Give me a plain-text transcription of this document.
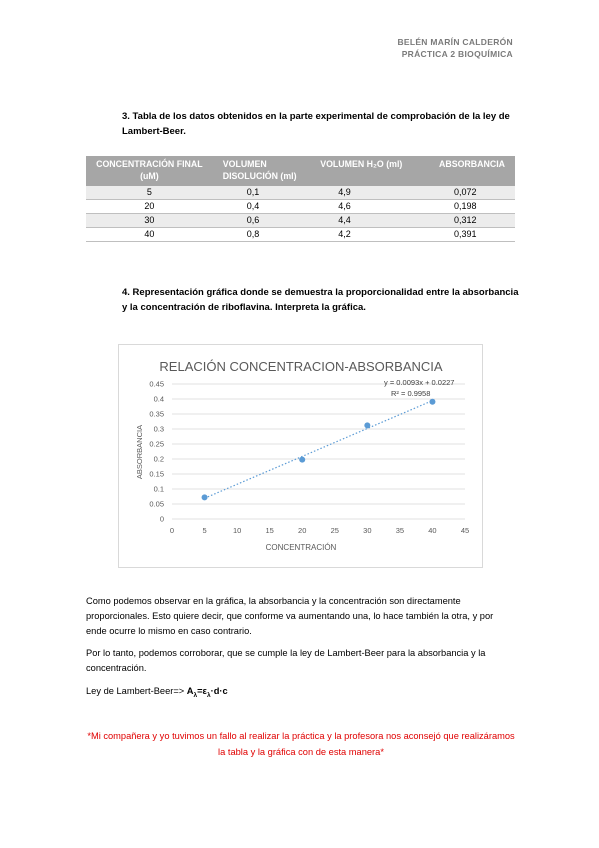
BELÉN MARÍN CALDERÓN
PRÁCTICA 2 BIOQUÍMICA
3. Tabla de los datos obtenidos en la parte experimental de comprobación de la ley de Lambert-Beer.
CONCENTRACIÓN FINAL (uM)	VOLUMEN DISOLUCIÓN (ml)	VOLUMEN H₂O (ml)	ABSORBANCIA
5	0,1	4,9	0,072
20	0,4	4,6	0,198
30	0,6	4,4	0,312
40	0,8	4,2	0,391
4. Representación gráfica donde se demuestra la proporcionalidad entre la absorbancia y la concentración de riboflavina. Interpreta la gráfica.
0
0.05
0.1
0.15
0.2
0.25
0.3
0.35
0.4
0.45
0	5	10	15	20	25	30	35	40	45
RELACIÓN CONCENTRACION-ABSORBANCIA
y = 0.0093x + 0.0227
R² = 0.9958
CONCENTRACIÓN
ABSORBANCIA
Como podemos observar en la gráfica, la absorbancia y la concentración son directamente proporcionales. Esto quiere decir, que conforme va aumentando una, lo hace también la otra, y por ende ocurre lo mismo en caso contrario.
Por lo tanto, podemos corroborar, que se cumple la ley de Lambert-Beer para la absorbancia y la concentración.
Ley de Lambert-Beer=> $A_\lambda=\varepsilon_\lambda\cdot d\cdot c$
*Mi compañera y yo tuvimos un fallo al realizar la práctica y la profesora nos aconsejó que realizáramos la tabla y la gráfica con de esta manera*
